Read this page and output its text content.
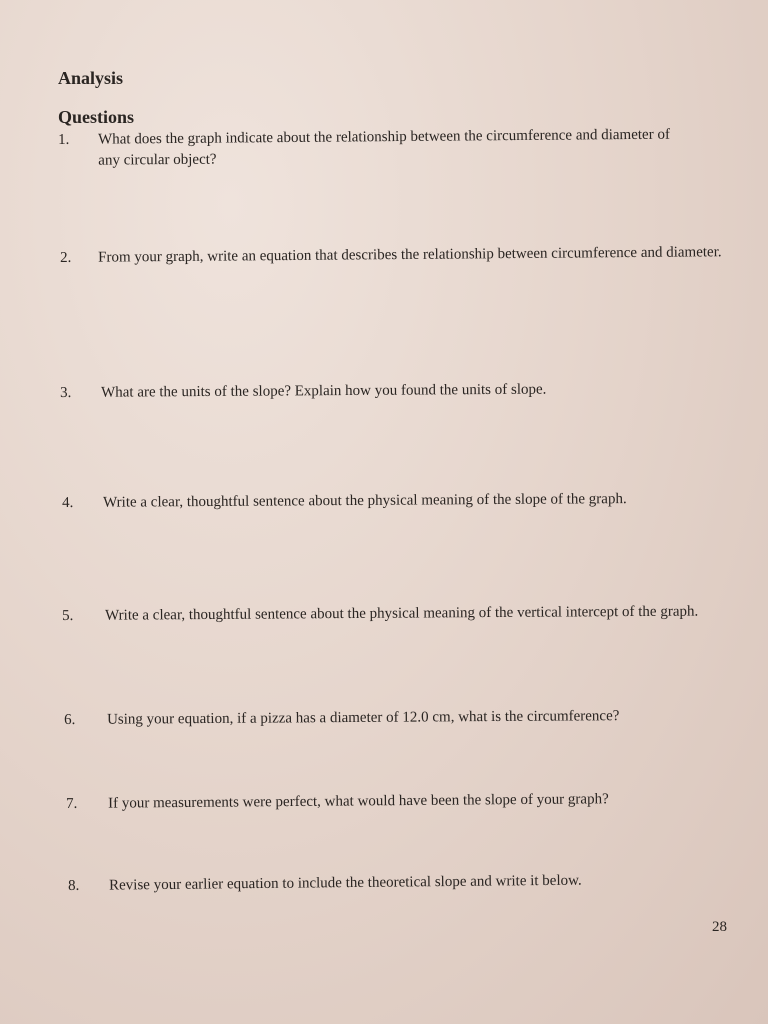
Analysis
Questions
1. What does the graph indicate about the relationship between the circumference and diameter of any circular object?
2. From your graph, write an equation that describes the relationship between circumference and diameter.
3. What are the units of the slope? Explain how you found the units of slope.
4. Write a clear, thoughtful sentence about the physical meaning of the slope of the graph.
5. Write a clear, thoughtful sentence about the physical meaning of the vertical intercept of the graph.
6. Using your equation, if a pizza has a diameter of 12.0 cm, what is the circumference?
7. If your measurements were perfect, what would have been the slope of your graph?
8. Revise your earlier equation to include the theoretical slope and write it below.
28
